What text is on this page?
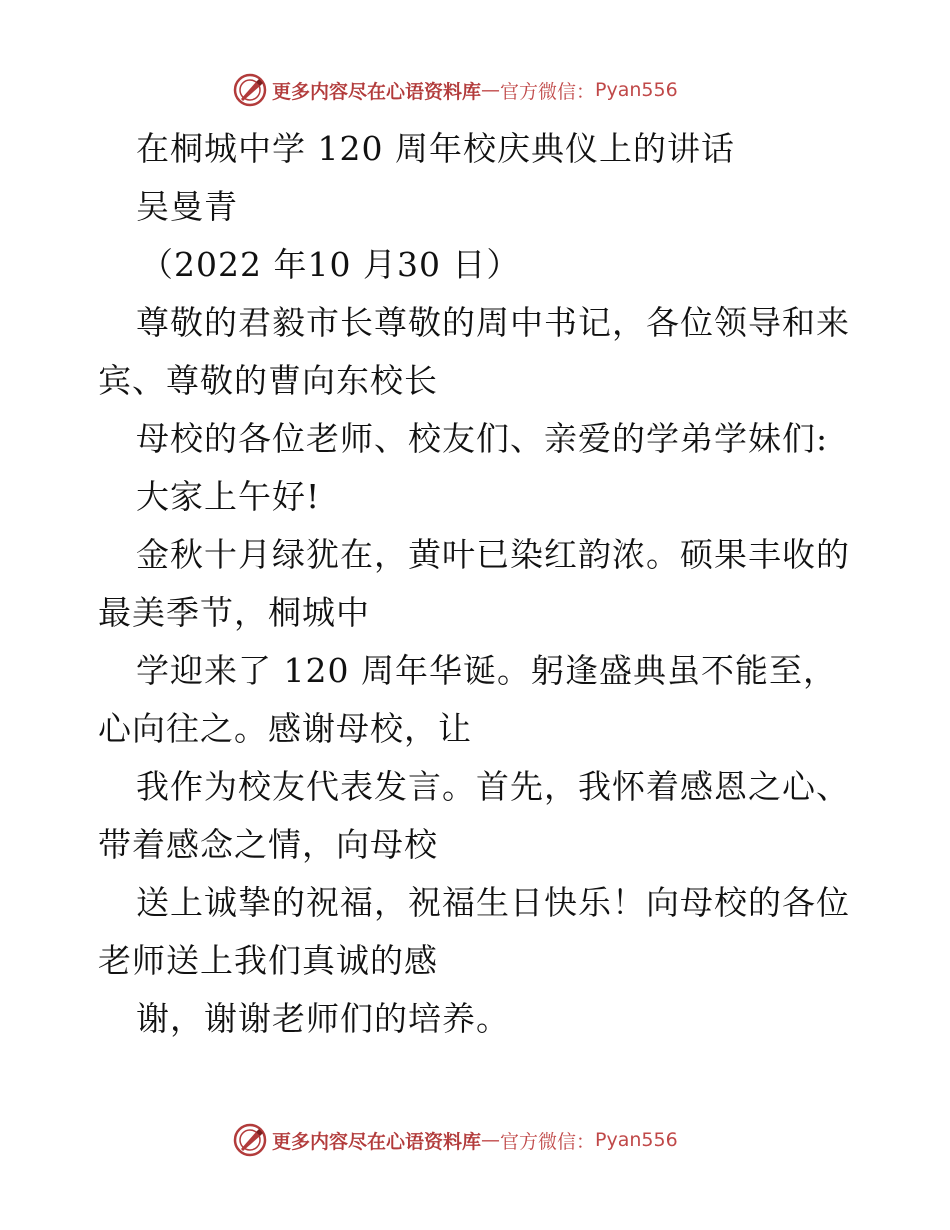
更多内容尽在心语资料库 — 官方微信： Pyan556
在桐城中学 120 周年校庆典仪上的讲话
吴曼青
（2022 年10 月30 日）
尊敬的君毅市长尊敬的周中书记，各位领导和来
宾、尊敬的曹向东校长
母校的各位老师、校友们、亲爱的学弟学妹们:
大家上午好!
金秋十月绿犹在，黄叶已染红韵浓。硕果丰收的
最美季节，桐城中
学迎来了 120 周年华诞。躬逢盛典虽不能至，
心向往之。感谢母校，让
我作为校友代表发言。首先，我怀着感恩之心、
带着感念之情，向母校
送上诚挚的祝福，祝福生日快乐！向母校的各位
老师送上我们真诚的感
谢，谢谢老师们的培养。
更多内容尽在心语资料库 — 官方微信： Pyan556
